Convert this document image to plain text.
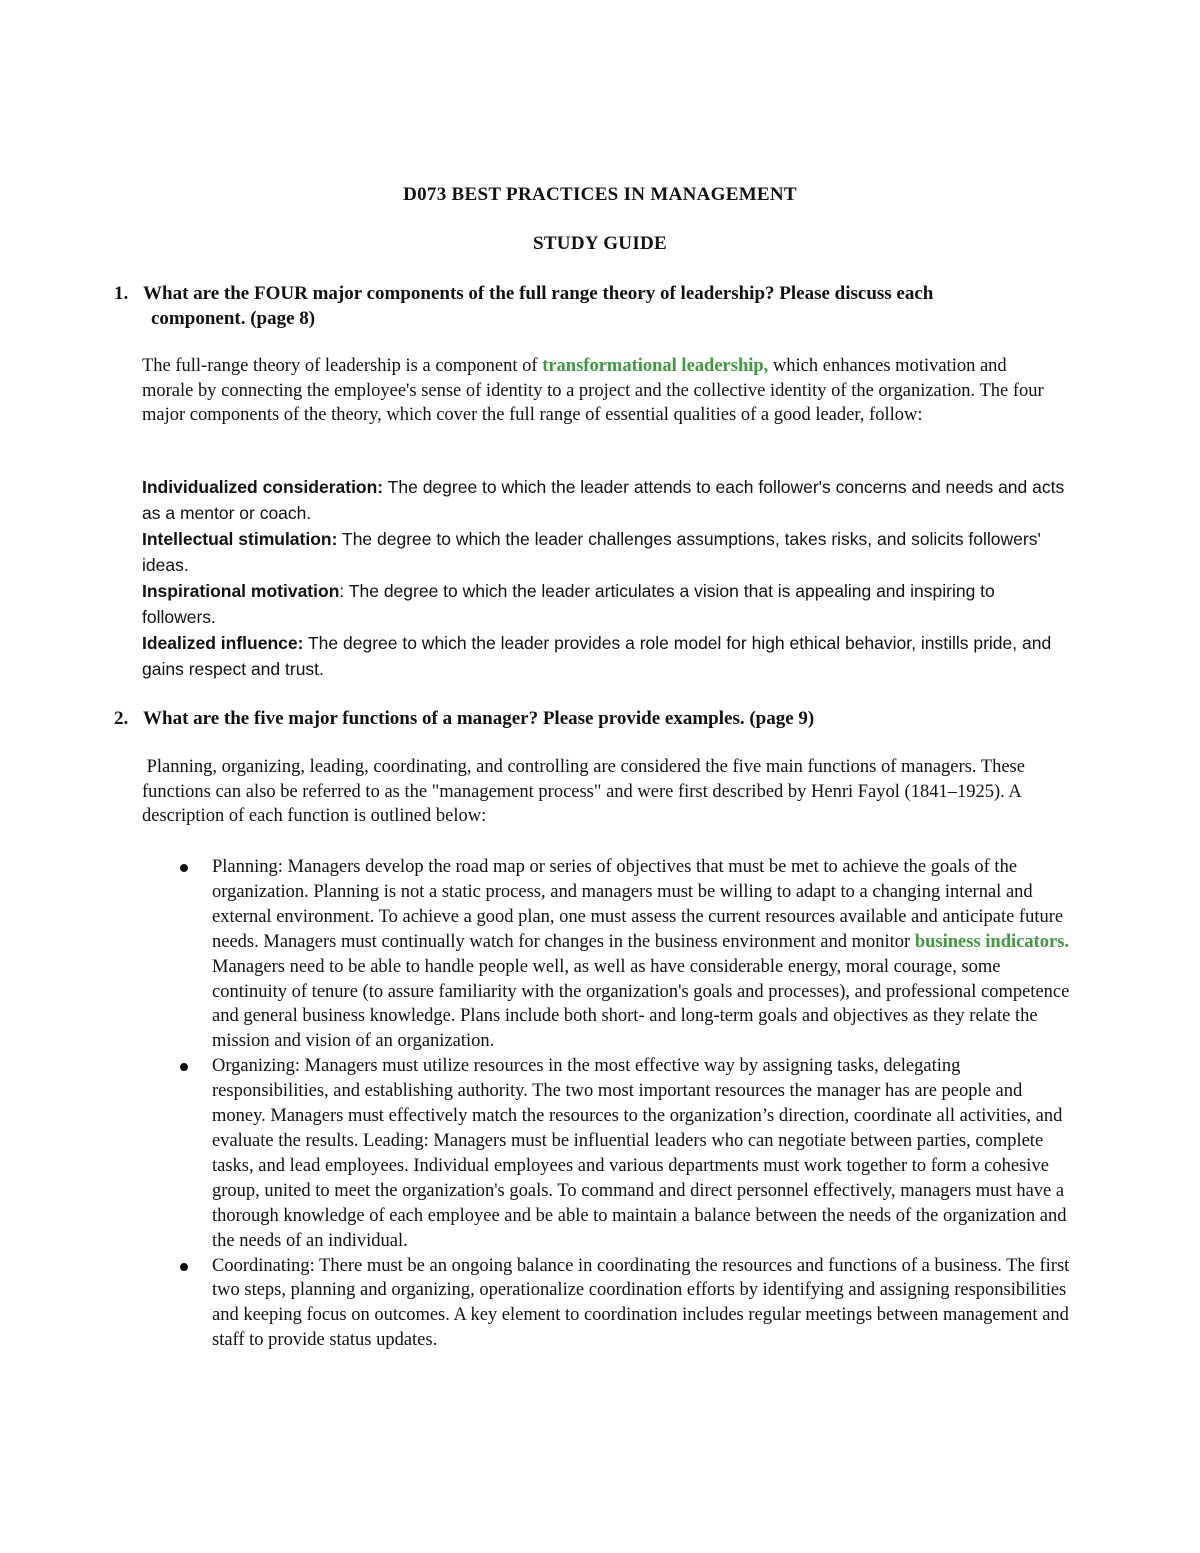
D073 BEST PRACTICES IN MANAGEMENT
STUDY GUIDE
1. What are the FOUR major components of the full range theory of leadership? Please discuss each
component. (page 8)
The full-range theory of leadership is a component of transformational leadership, which enhances motivation and morale by connecting the employee's sense of identity to a project and the collective identity of the organization. The four major components of the theory, which cover the full range of essential qualities of a good leader, follow:
Individualized consideration: The degree to which the leader attends to each follower's concerns and needs and acts as a mentor or coach.
Intellectual stimulation: The degree to which the leader challenges assumptions, takes risks, and solicits followers' ideas.
Inspirational motivation: The degree to which the leader articulates a vision that is appealing and inspiring to followers.
Idealized influence: The degree to which the leader provides a role model for high ethical behavior, instills pride, and gains respect and trust.
2. What are the five major functions of a manager? Please provide examples. (page 9)
Planning, organizing, leading, coordinating, and controlling are considered the five main functions of managers. These functions can also be referred to as the "management process" and were first described by Henri Fayol (1841–1925). A description of each function is outlined below:
Planning: Managers develop the road map or series of objectives that must be met to achieve the goals of the organization. Planning is not a static process, and managers must be willing to adapt to a changing internal and external environment. To achieve a good plan, one must assess the current resources available and anticipate future needs. Managers must continually watch for changes in the business environment and monitor business indicators. Managers need to be able to handle people well, as well as have considerable energy, moral courage, some continuity of tenure (to assure familiarity with the organization's goals and processes), and professional competence and general business knowledge. Plans include both short- and long-term goals and objectives as they relate the mission and vision of an organization.
Organizing: Managers must utilize resources in the most effective way by assigning tasks, delegating responsibilities, and establishing authority. The two most important resources the manager has are people and money. Managers must effectively match the resources to the organization’s direction, coordinate all activities, and evaluate the results. Leading: Managers must be influential leaders who can negotiate between parties, complete tasks, and lead employees. Individual employees and various departments must work together to form a cohesive group, united to meet the organization's goals. To command and direct personnel effectively, managers must have a thorough knowledge of each employee and be able to maintain a balance between the needs of the organization and the needs of an individual.
Coordinating: There must be an ongoing balance in coordinating the resources and functions of a business. The first two steps, planning and organizing, operationalize coordination efforts by identifying and assigning responsibilities and keeping focus on outcomes. A key element to coordination includes regular meetings between management and staff to provide status updates.
